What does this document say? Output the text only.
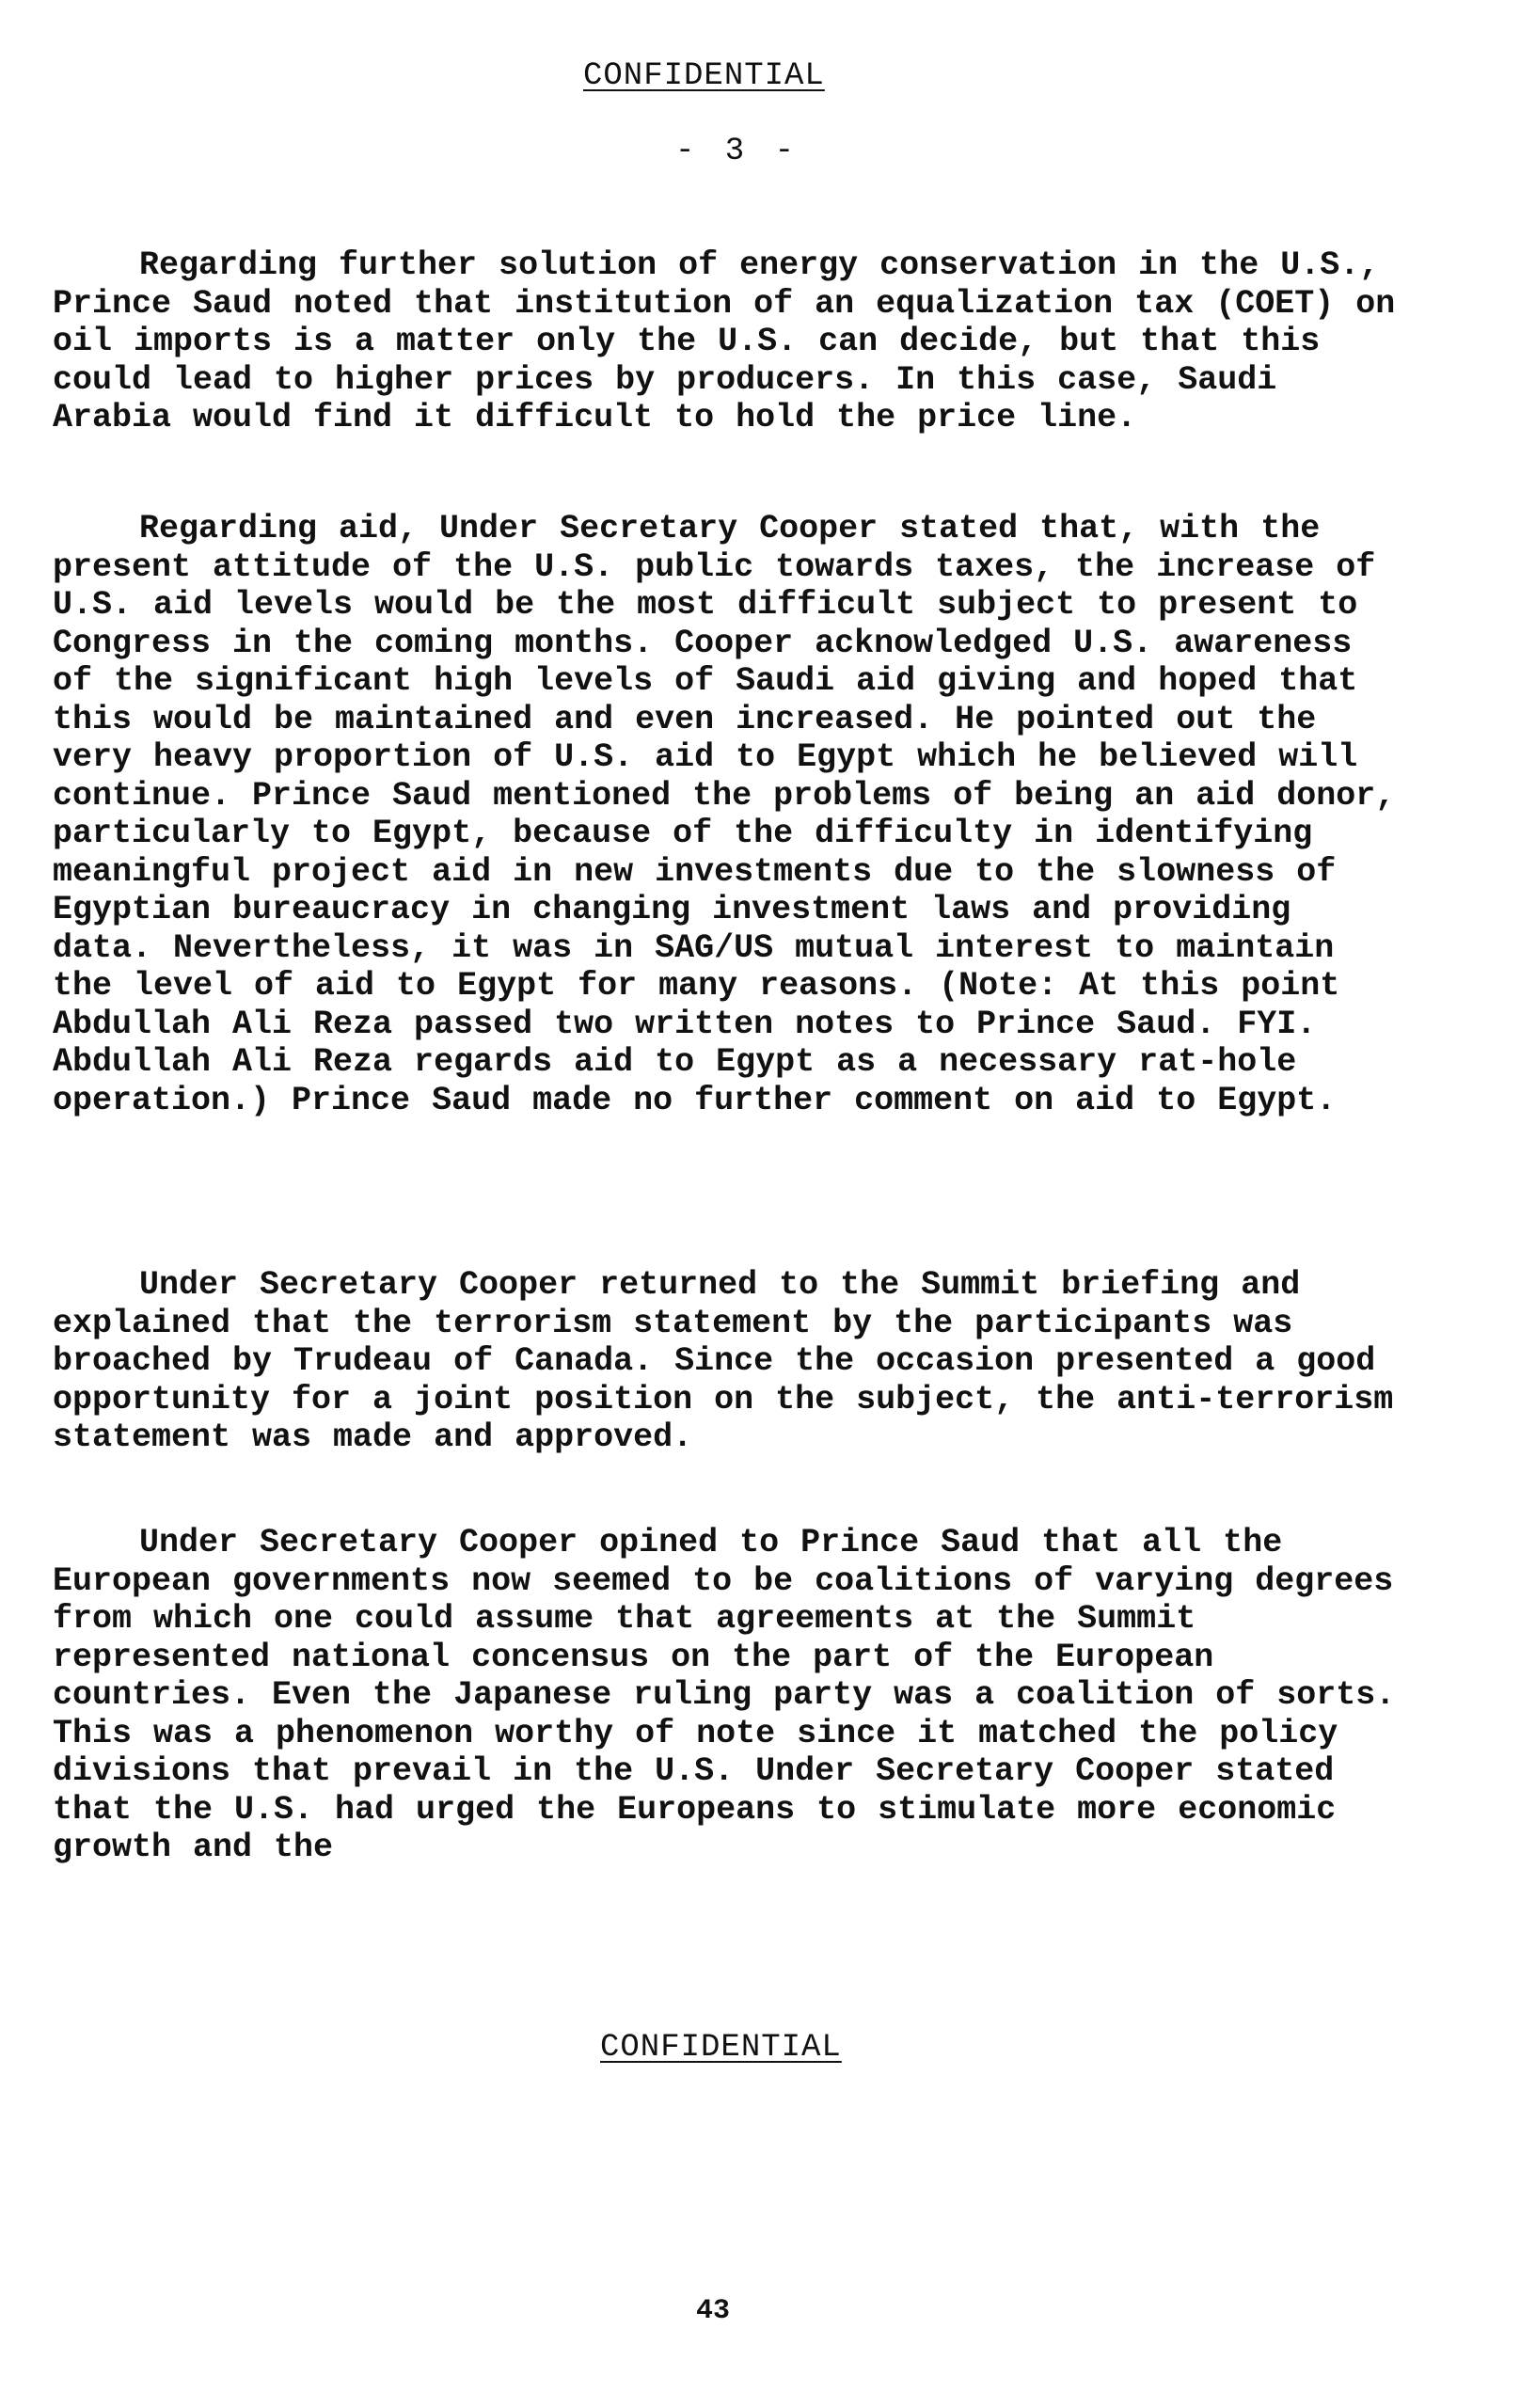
CONFIDENTIAL
- 3 -

Regarding further solution of energy conservation in the U.S., Prince Saud noted that institution of an equalization tax (COET) on oil imports is a matter only the U.S. can decide, but that this could lead to higher prices by producers. In this case, Saudi Arabia would find it difficult to hold the price line.

Regarding aid, Under Secretary Cooper stated that, with the present attitude of the U.S. public towards taxes, the increase of U.S. aid levels would be the most difficult subject to present to Congress in the coming months. Cooper acknowledged U.S. awareness of the significant high levels of Saudi aid giving and hoped that this would be maintained and even increased. He pointed out the very heavy proportion of U.S. aid to Egypt which he believed will continue. Prince Saud mentioned the problems of being an aid donor, particularly to Egypt, because of the difficulty in identifying meaningful project aid in new investments due to the slowness of Egyptian bureaucracy in changing investment laws and providing data. Nevertheless, it was in SAG/US mutual interest to maintain the level of aid to Egypt for many reasons. (Note: At this point Abdullah Ali Reza passed two written notes to Prince Saud. FYI. Abdullah Ali Reza regards aid to Egypt as a necessary rat-hole operation.) Prince Saud made no further comment on aid to Egypt.

Under Secretary Cooper returned to the Summit briefing and explained that the terrorism statement by the participants was broached by Trudeau of Canada. Since the occasion presented a good opportunity for a joint position on the subject, the anti-terrorism statement was made and approved.

Under Secretary Cooper opined to Prince Saud that all the European governments now seemed to be coalitions of varying degrees from which one could assume that agreements at the Summit represented national concensus on the part of the European countries. Even the Japanese ruling party was a coalition of sorts. This was a phenomenon worthy of note since it matched the policy divisions that prevail in the U.S. Under Secretary Cooper stated that the U.S. had urged the Europeans to stimulate more economic growth and the

CONFIDENTIAL
43
